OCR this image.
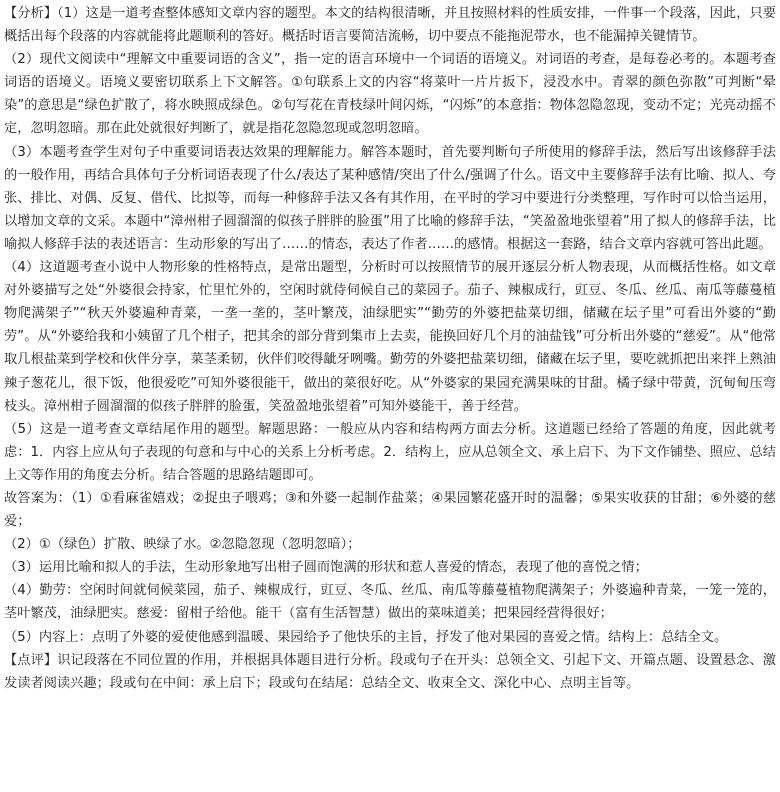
【分析】（1）这是一道考查整体感知文章内容的题型。本文的结构很清晰，并且按照材料的性质安排，一件事一个段落，因此，只要概括出每个段落的内容就能将此题顺利的答好。概括时语言要简洁流畅，切中要点不能拖泥带水，也不能漏掉关键情节。

（2）现代文阅读中“理解文中重要词语的含义”，指一定的语言环境中一个词语的语境义。对词语的考查，是每卷必考的。本题考查词语的语境义。语境义要密切联系上下文解答。①句联系上文的内容“将菜叶一片片扳下，浸没水中。青翠的颜色弥散”可判断“晕染”的意思是“绿色扩散了，将水映照成绿色。②句写花在青枝绿叶间闪烁，“闪烁”的本意指：物体忽隐忽现，变动不定；光亮动摇不定，忽明忽暗。那在此处就很好判断了，就是指花忽隐忽现或忽明忽暗。

（3）本题考查学生对句子中重要词语表达效果的理解能力。解答本题时，首先要判断句子所使用的修辞手法，然后写出该修辞手法的一般作用，再结合具体句子分析词语表现了什么/表达了某种感情/突出了什么/强调了什么。语文中主要修辞手法有比喻、拟人、夸张、排比、对偶、反复、借代、比拟等，而每一种修辞手法又各有其作用，在平时的学习中要进行分类整理，写作时可以恰当运用，以增加文章的文采。本题中“漳州柑子圆溜溜的似孩子胖胖的脸蛋”用了比喻的修辞手法，“笑盈盈地张望着”用了拟人的修辞手法，比喻拟人修辞手法的表述语言：生动形象的写出了……的情态，表达了作者……的感情。根据这一套路，结合文章内容就可答出此题。

（4）这道题考查小说中人物形象的性格特点，是常出题型，分析时可以按照情节的展开逐层分析人物表现，从而概括性格。如文章对外婆描写之处“外婆很会持家，忙里忙外的，空闲时就侍伺候自己的菜园子。茄子、辣椒成行，豇豆、冬瓜、丝瓜、南瓜等藤蔓植物爬满架子”“秋天外婆遍种青菜，一垄一垄的，茎叶繁茂，油绿肥实”“勤劳的外婆把盐菜切细，储藏在坛子里”可看出外婆的“勤劳”。从“外婆给我和小姨留了几个柑子，把其余的部分背到集市上去卖，能换回好几个月的油盐钱”可分析出外婆的“慈爱”。从“他常取几根盐菜到学校和伙伴分享，菜茎柔韧，伙伴们咬得龇牙咧嘴。勤劳的外婆把盐菜切细，储藏在坛子里，要吃就抓把出来拌上熟油辣子葱花儿，很下饭，他很爱吃”可知外婆很能干，做出的菜很好吃。从“外婆家的果园充满果味的甘甜。橘子绿中带黄，沉甸甸压弯枝头。漳州柑子圆溜溜的似孩子胖胖的脸蛋，笑盈盈地张望着”可知外婆能干，善于经营。

（5）这是一道考查文章结尾作用的题型。解题思路：一般应从内容和结构两方面去分析。这道题已经给了答题的角度，因此就考虑：1．内容上应从句子表现的句意和与中心的关系上分析考虑。2．结构上，应从总领全文、承上启下、为下文作铺垫、照应、总结上文等作用的角度去分析。结合答题的思路结题即可。

故答案为：（1）①看麻雀嬉戏；②捉虫子喂鸡；③和外婆一起制作盐菜；④果园繁花盛开时的温馨；⑤果实收获的甘甜；⑥外婆的慈爱；

（2）①（绿色）扩散、映绿了水。②忽隐忽现（忽明忽暗）；

（3）运用比喻和拟人的手法，生动形象地写出柑子圆而饱满的形状和惹人喜爱的情态，表现了他的喜悦之情；

（4）勤劳：空闲时间就伺候菜园，茄子、辣椒成行，豇豆、冬瓜、丝瓜、南瓜等藤蔓植物爬满架子；外婆遍种青菜，一笼一笼的，茎叶繁茂，油绿肥实。慈爱：留柑子给他。能干（富有生活智慧）做出的菜味道美；把果园经营得很好；

（5）内容上：点明了外婆的爱使他感到温暖、果园给予了他快乐的主旨，抒发了他对果园的喜爱之情。结构上：总结全文。

【点评】识记段落在不同位置的作用，并根据具体题目进行分析。段或句子在开头：总领全文、引起下文、开篇点题、设置悬念、激发读者阅读兴趣；段或句在中间：承上启下；段或句在结尾：总结全文、收束全文、深化中心、点明主旨等。
